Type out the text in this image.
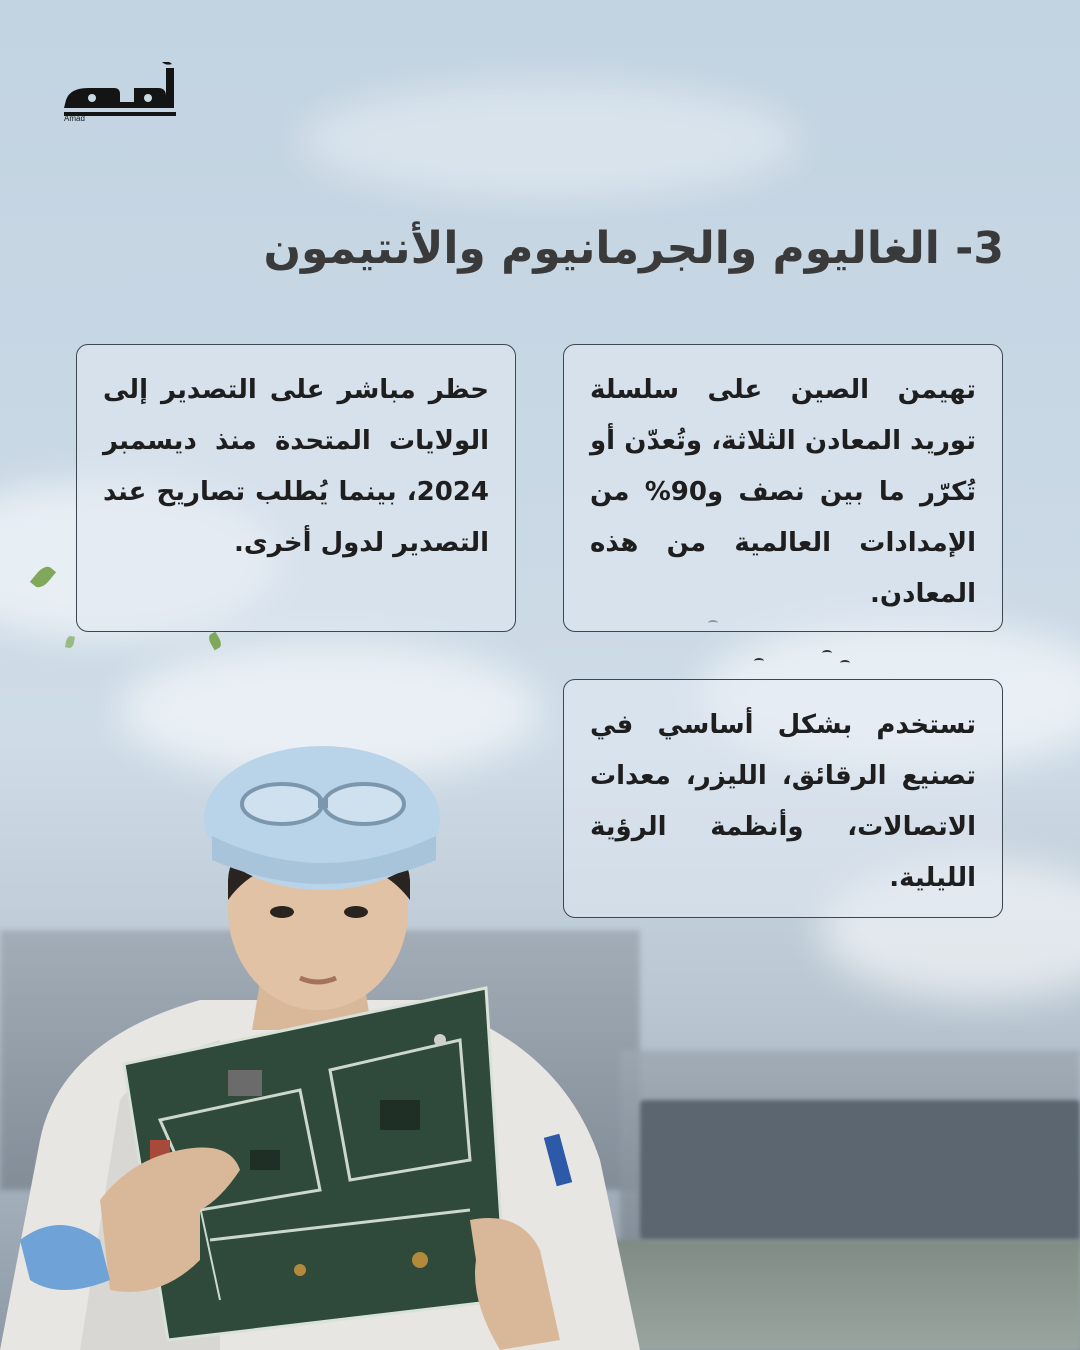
Amad
3- الغاليوم والجرمانيوم والأنتيمون

تهيمن الصين على سلسلة توريد المعادن الثلاثة، وتُعدّن أو تُكرّر ما بين نصف و90% من الإمدادات العالمية من هذه المعادن.

حظر مباشر على التصدير إلى الولايات المتحدة منذ ديسمبر 2024، بينما يُطلب تصاريح عند التصدير لدول أخرى.

تستخدم بشكل أساسي في تصنيع الرقائق، الليزر، معدات الاتصالات، وأنظمة الرؤية الليلية.
